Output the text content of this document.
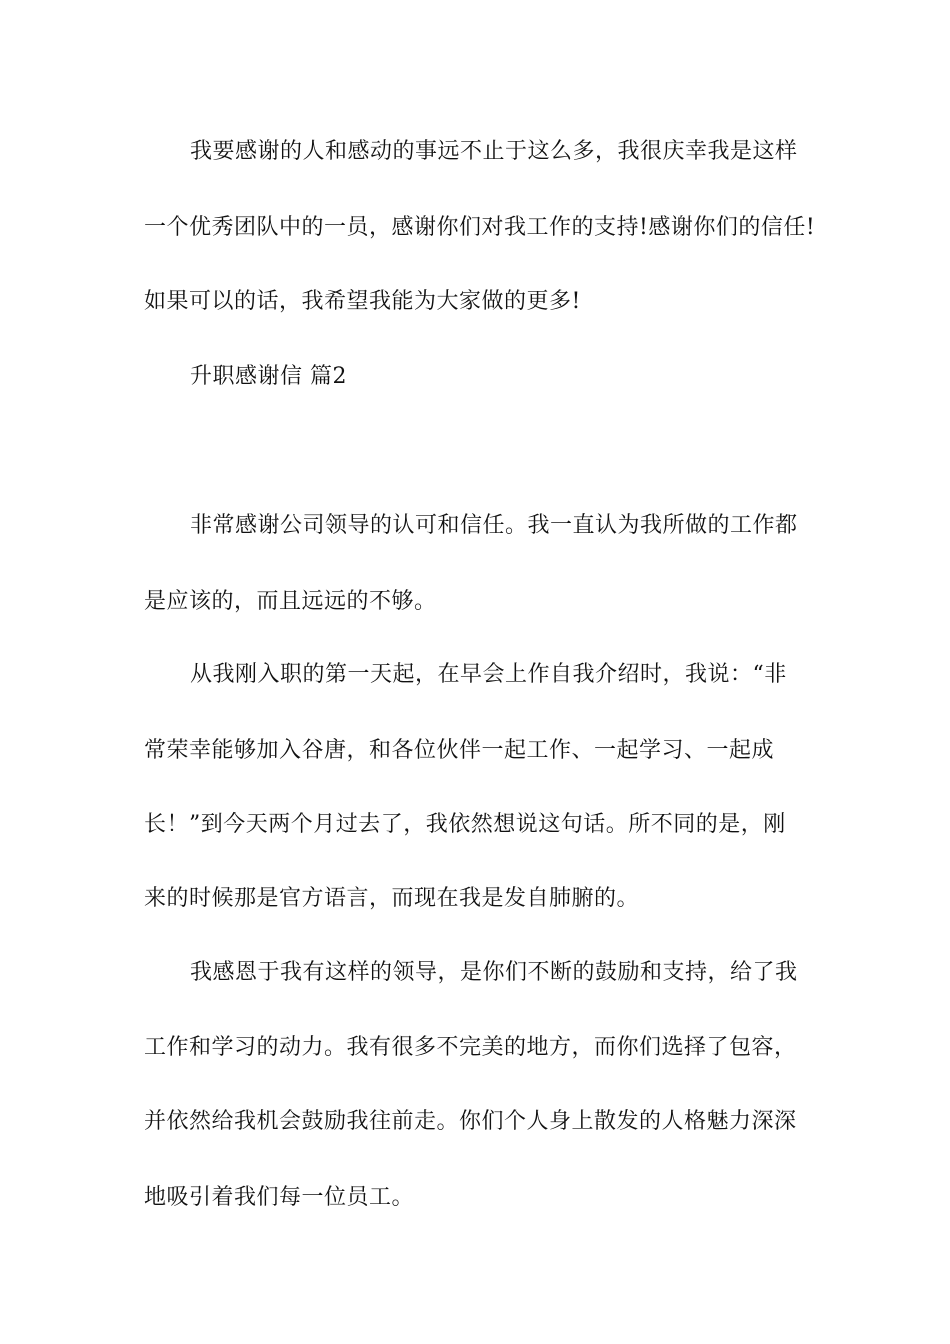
我要感谢的人和感动的事远不止于这么多，我很庆幸我是这样
一个优秀团队中的一员，感谢你们对我工作的支持!感谢你们的信任!
如果可以的话，我希望我能为大家做的更多!
升职感谢信 篇2
非常感谢公司领导的认可和信任。我一直认为我所做的工作都
是应该的，而且远远的不够。
从我刚入职的第一天起，在早会上作自我介绍时，我说：“非
常荣幸能够加入谷唐，和各位伙伴一起工作、一起学习、一起成
长！”到今天两个月过去了，我依然想说这句话。所不同的是，刚
来的时候那是官方语言，而现在我是发自肺腑的。
我感恩于我有这样的领导，是你们不断的鼓励和支持，给了我
工作和学习的动力。我有很多不完美的地方，而你们选择了包容，
并依然给我机会鼓励我往前走。你们个人身上散发的人格魅力深深
地吸引着我们每一位员工。
